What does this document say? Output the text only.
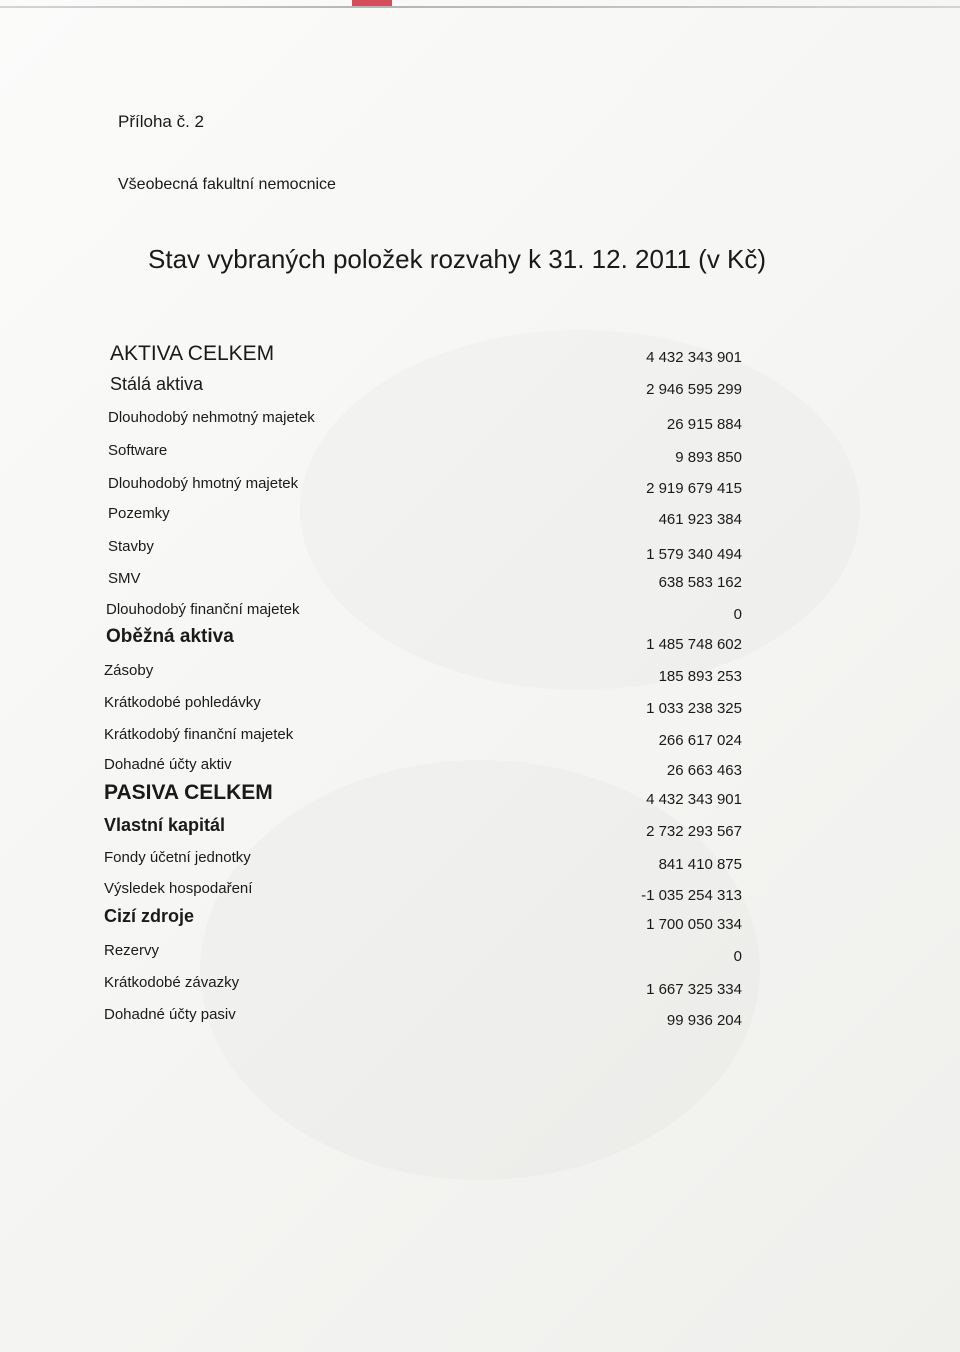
Příloha č. 2
Všeobecná fakultní nemocnice
Stav vybraných položek rozvahy k 31. 12. 2011 (v Kč)
AKTIVA CELKEM	4 432 343 901
Stálá aktiva	2 946 595 299
Dlouhodobý nehmotný majetek	26 915 884
Software	9 893 850
Dlouhodobý hmotný majetek	2 919 679 415
Pozemky	461 923 384
Stavby	1 579 340 494
SMV	638 583 162
Dlouhodobý finanční majetek	0
Oběžná aktiva	1 485 748 602
Zásoby	185 893 253
Krátkodobé pohledávky	1 033 238 325
Krátkodobý finanční majetek	266 617 024
Dohadné účty aktiv	26 663 463
PASIVA CELKEM	4 432 343 901
Vlastní kapitál	2 732 293 567
Fondy účetní jednotky	841 410 875
Výsledek hospodaření	-1 035 254 313
Cizí zdroje	1 700 050 334
Rezervy	0
Krátkodobé závazky	1 667 325 334
Dohadné účty pasiv	99 936 204
